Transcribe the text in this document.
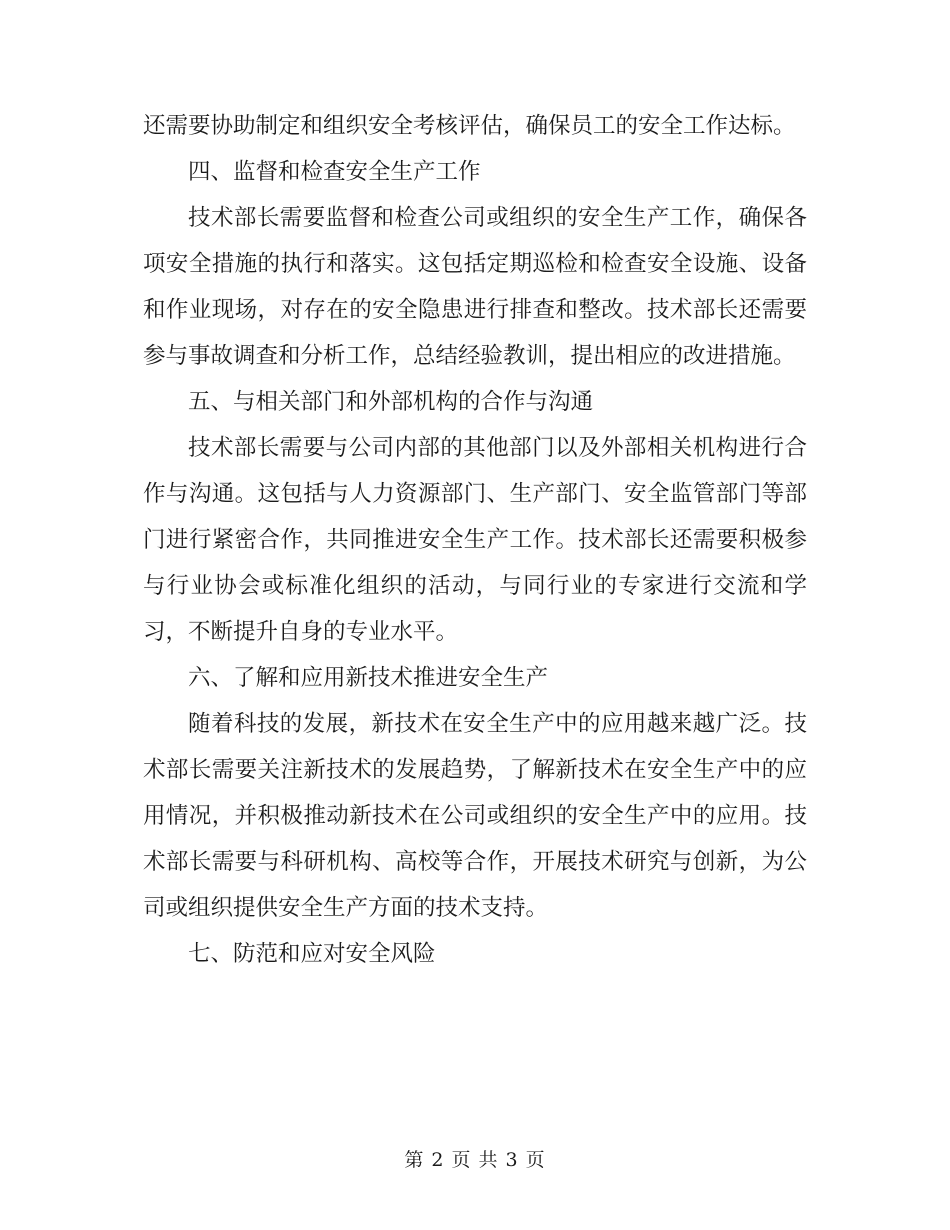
还需要协助制定和组织安全考核评估，确保员工的安全工作达标。

四、监督和检查安全生产工作

技术部长需要监督和检查公司或组织的安全生产工作，确保各项安全措施的执行和落实。这包括定期巡检和检查安全设施、设备和作业现场，对存在的安全隐患进行排查和整改。技术部长还需要参与事故调查和分析工作，总结经验教训，提出相应的改进措施。

五、与相关部门和外部机构的合作与沟通

技术部长需要与公司内部的其他部门以及外部相关机构进行合作与沟通。这包括与人力资源部门、生产部门、安全监管部门等部门进行紧密合作，共同推进安全生产工作。技术部长还需要积极参与行业协会或标准化组织的活动，与同行业的专家进行交流和学习，不断提升自身的专业水平。

六、了解和应用新技术推进安全生产

随着科技的发展，新技术在安全生产中的应用越来越广泛。技术部长需要关注新技术的发展趋势，了解新技术在安全生产中的应用情况，并积极推动新技术在公司或组织的安全生产中的应用。技术部长需要与科研机构、高校等合作，开展技术研究与创新，为公司或组织提供安全生产方面的技术支持。

七、防范和应对安全风险

第 2 页 共 3 页
